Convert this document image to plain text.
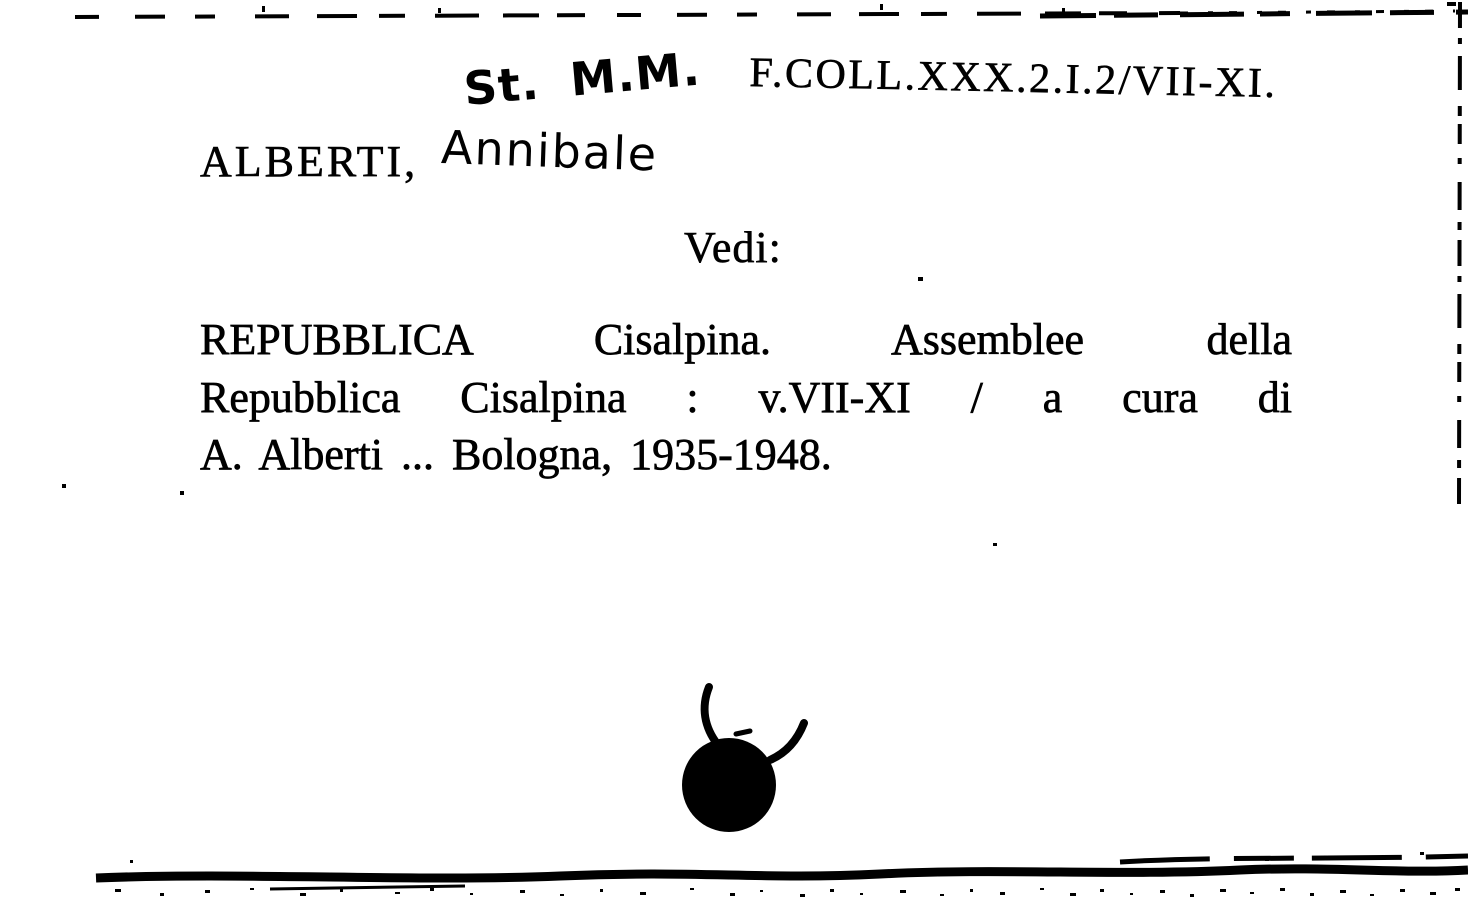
St. M.M. F.COLL.XXX.2.I.2/VII-XI.
ALBERTI, Annibale
Vedi:
REPUBBLICA Cisalpina. Assemblee della
Repubblica Cisalpina : v.VII-XI / a cura di
A. Alberti ... Bologna, 1935-1948.
